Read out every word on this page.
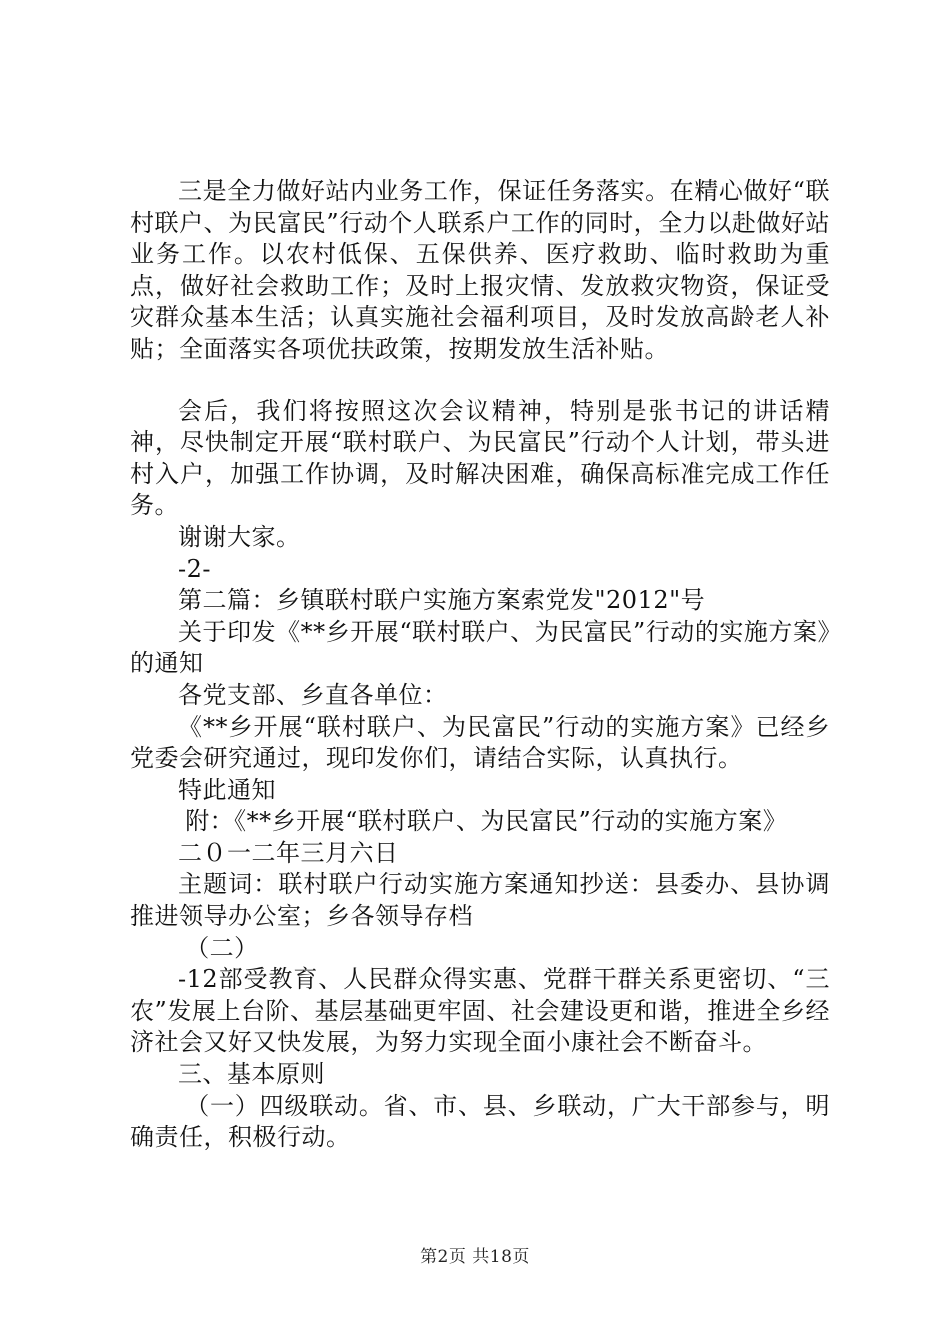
三是全力做好站内业务工作，保证任务落实。在精心做好“联村联户、为民富民”行动个人联系户工作的同时，全力以赴做好站业务工作。以农村低保、五保供养、医疗救助、临时救助为重点，做好社会救助工作；及时上报灾情、发放救灾物资，保证受灾群众基本生活；认真实施社会福利项目，及时发放高龄老人补贴；全面落实各项优扶政策，按期发放生活补贴。

会后，我们将按照这次会议精神，特别是张书记的讲话精神，尽快制定开展“联村联户、为民富民”行动个人计划，带头进村入户，加强工作协调，及时解决困难，确保高标准完成工作任务。

谢谢大家。

-2-

第二篇：乡镇联村联户实施方案索党发"2012"号

关于印发《**乡开展“联村联户、为民富民”行动的实施方案》的通知

各党支部、乡直各单位：

《**乡开展“联村联户、为民富民”行动的实施方案》已经乡党委会研究通过，现印发你们，请结合实际，认真执行。

特此通知

附：《**乡开展“联村联户、为民富民”行动的实施方案》

二０一二年三月六日

主题词：联村联户行动实施方案通知抄送：县委办、县协调推进领导办公室；乡各领导存档

（二）

-12部受教育、人民群众得实惠、党群干群关系更密切、“三农”发展上台阶、基层基础更牢固、社会建设更和谐，推进全乡经济社会又好又快发展，为努力实现全面小康社会不断奋斗。

三、基本原则

（一）四级联动。省、市、县、乡联动，广大干部参与，明确责任，积极行动。

第2页 共18页
